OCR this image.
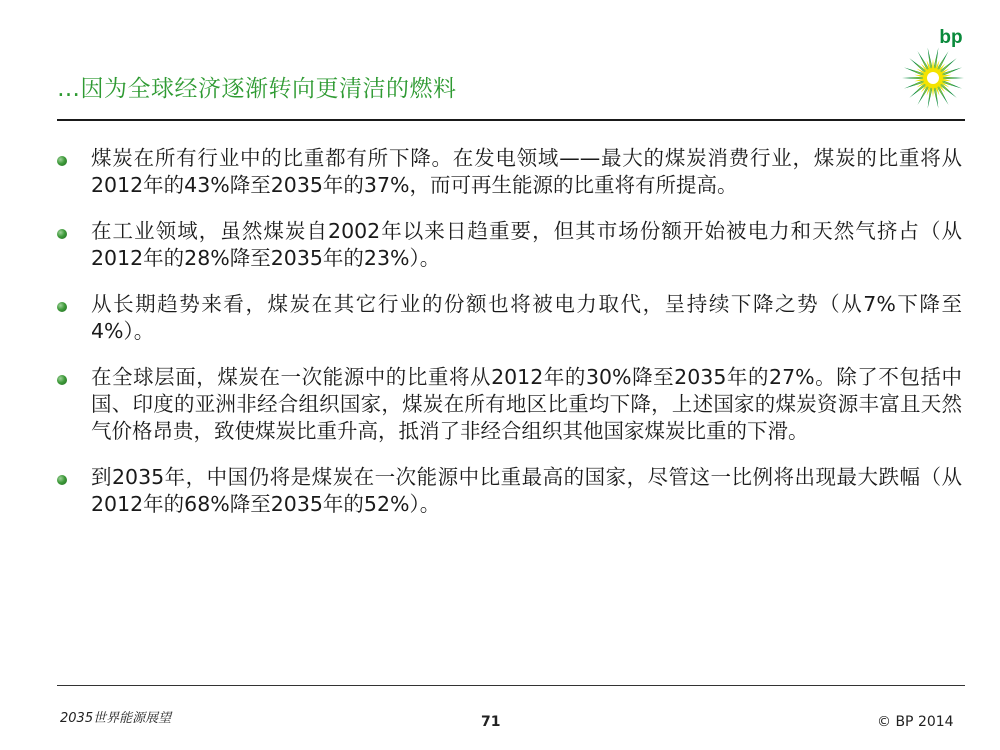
…因为全球经济逐渐转向更清洁的燃料
bp
煤炭在所有行业中的比重都有所下降。在发电领域——最大的煤炭消费行业，煤炭的比重将从2012年的43%降至2035年的37%，而可再生能源的比重将有所提高。
在工业领域，虽然煤炭自2002年以来日趋重要，但其市场份额开始被电力和天然气挤占（从2012年的28%降至2035年的23%）。
从长期趋势来看，煤炭在其它行业的份额也将被电力取代，呈持续下降之势（从7%下降至4%）。
在全球层面，煤炭在一次能源中的比重将从2012年的30%降至2035年的27%。除了不包括中国、印度的亚洲非经合组织国家，煤炭在所有地区比重均下降，上述国家的煤炭资源丰富且天然气价格昂贵，致使煤炭比重升高，抵消了非经合组织其他国家煤炭比重的下滑。
到2035年，中国仍将是煤炭在一次能源中比重最高的国家，尽管这一比例将出现最大跌幅（从2012年的68%降至2035年的52%）。
2035世界能源展望	71	© BP 2014
